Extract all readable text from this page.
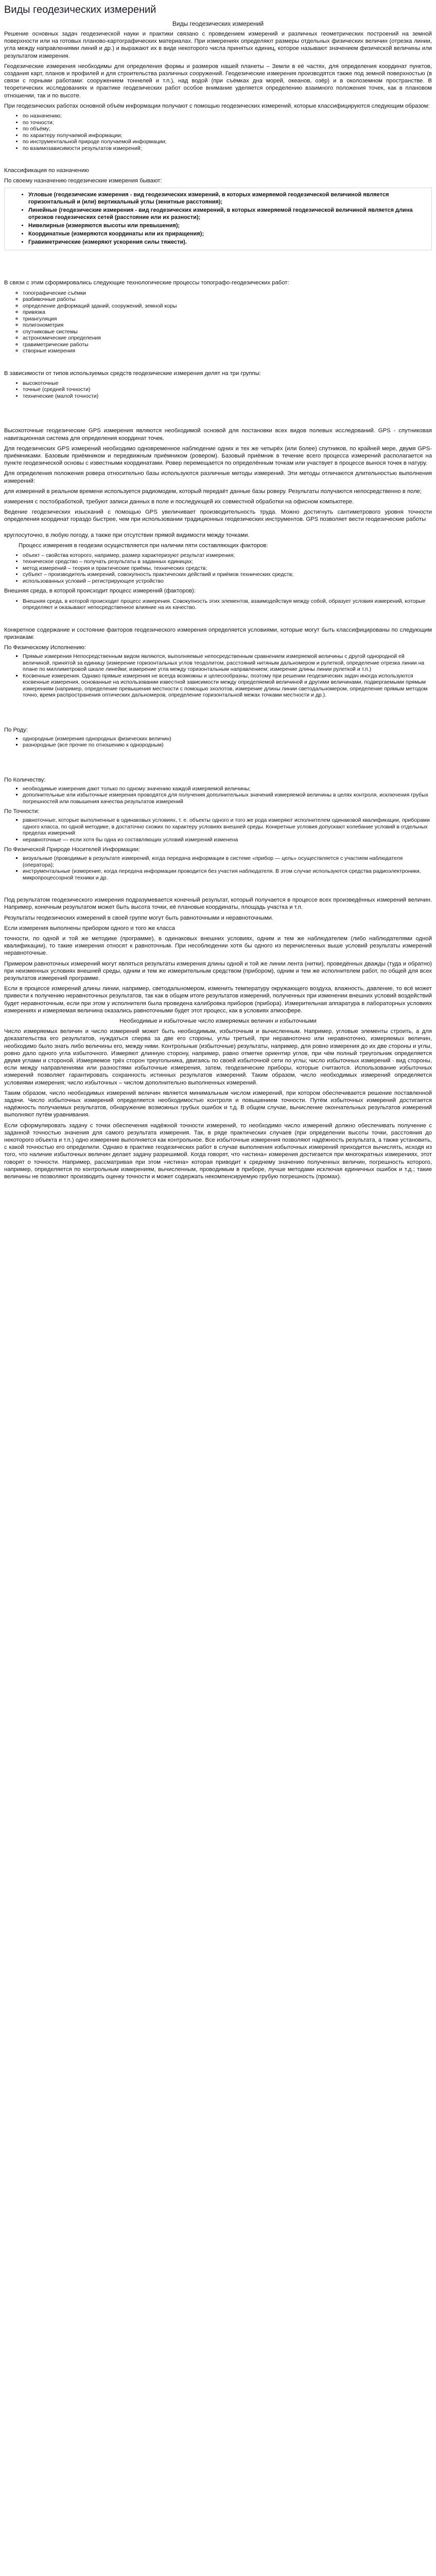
Виды геодезических измерений
Виды геодезических измерений

Решение основных задач геодезической науки и практики связано с проведением измерений и различных геометрических построений на земной поверхности или на готовых планово-картографических материалах. При измерениях определяют размеры отдельных физических величин (отрезка линии, угла между направлениями линий и др.) и выражают их в виде некоторого числа принятых единиц, которое называют значением физической величины или результатом измерения.

Геодезические измерения необходимы для определения формы и размеров нашей планеты – Земли в её частях, для определения координат пунктов, создания карт, планов и профилей и для строительства различных сооружений. Геодезические измерения производятся также под земной поверхностью (в связи с горными работами: сооружением тоннелей и т.п.), над водой (при съёмках дна морей, океанов, озёр) и в околоземном пространстве. В теоретических исследованиях и практике геодезических работ особое внимание уделяется определению взаимного положения точек, как в плановом отношении, так и по высоте.

При геодезических работах основной объём информации получают с помощью геодезических измерений, которые классифицируются следующим образом:

• по назначению;
• по точности;
• по объёму;
• по характеру получаемой информации;
• по инструментальной природе получаемой информации;
• по взаимозависимости результатов измерений;

Классификация по назначению

По своему назначению геодезические измерения бывают:

• Угловые (геодезические измерения - вид геодезических измерений, в которых измеряемой геодезической величиной является горизонтальный и (или) вертикальный углы (зенитные расстояния);
• Линейные (геодезические измерения - вид геодезических измерений, в которых измеряемой геодезической величиной является длина отрезков геодезических сетей (расстояние или их разности);
• Нивелирные (измеряются высоты или превышения);
• Координатные (измеряются координаты или их приращения);
• Гравиметрические (измеряют ускорения силы тяжести).

В связи с этим сформировались следующие технологические процессы топографо-геодезических работ:

◦ топографические съёмки
◦ разбивочные работы
◦ определение деформаций зданий, сооружений, земной коры
◦ привязка
◦ триангуляция
◦ полигонометрия
◦ спутниковые системы
◦ астрономические определения
◦ гравиметрические работы
◦ створные измерения

В зависимости от типов используемых средств геодезические измерения делят на три группы:

• высокоточные
• точные (средней точности)
• технические (малой точности)

Высокоточные геодезические GPS измерения являются необходимой основой для постановки всех видов полевых исследований. GPS - спутниковая навигационная система для определения координат точек.

Для геодезических GPS измерений необходимо одновременное наблюдение одних и тех же четырёх (или более) спутников, по крайней мере, двумя GPS-приёмниками. Базовым приёмником и передвижным приёмником (ровером). Базовый приёмник в течение всего процесса измерений располагается на пункте геодезической основы с известными координатами. Ровер перемещается по определённым точкам или участвует в процессе вынося точек в натуру.

Для определения положения ровера относительно базы используются различные методы измерений. Эти методы отличаются длительностью выполнения измерений:

для измерений в реальном времени используется радиомодем, который передаёт данные базы роверу. Результаты получаются непосредственно в поле;

измерения с постобработкой, требуют записи данных в поле и последующей их совместной обработки на офисном компьютере.

Ведение геодезических изысканий с помощью GPS увеличивает производительность труда. Можно достигнуть сантиметрового уровня точности определения координат гораздо быстрее, чем при использовании традиционных геодезических инструментов. GPS позволяет вести геодезические работы

круглосуточно, в любую погоду, а также при отсутствии прямой видимости между точками.

Процесс измерения в геодезии осуществляется при наличии пяти составляющих факторов:

• объект – свойства которого, например, размер характеризуют результат измерения;
• техническое средство – получать результаты в заданных единицах;
• метод измерений – теория и практические приёмы, технических средств;
• субъект – производитель измерений, совокупность практических действий и приёмов технических средств;
• использованных условий – регистрирующее устройство

Внешняя среда, в которой происходит процесс измерений (факторов):

• Внешняя среда, в которой происходит процесс измерения. Совокупность этих элементов, взаимодействуя между собой, образует условия измерений, которые определяют и оказывают непосредственное влияние на их качество.

Конкретное содержание и состояние факторов геодезического измерения определяется условиями, которые могут быть классифицированы по следующим признакам:

По Физическому Исполнению:

▪ Прямые измерения Непосредственным видом являются, выполняемые непосредственным сравнением измеряемой величины с другой однородной ей величиной, принятой за единицу (измерение горизонтальных углов теодолитом, расстояний нитяным дальномером и рулеткой, определение отрезка линии на плане по миллиметровой шкале линейки; измерение угла между горизонтальным направлением; измерение длины линии рулеткой и т.п.)
▪ Косвенные измерения. Однако прямые измерения не всегда возможны и целесообразны, поэтому при решении геодезических задач иногда используются косвенные измерения, основанные на использовании известной зависимости между определяемой величиной и другими величинами, подвергаемыми прямым измерениям (например, определение превышения местности с помощью эхолотов, измерение длины линии светодальномером, определение прямым методом точно, время распространения оптических дальномеров, определение горизонтальной межах точками местности и др.).

По Роду:

▪ однородные (измерения однородных физических величин)
▪ разнородные (все прочие по отношению к однородным)

По Количеству:

▪ необходимые измерения дают только по одному значению каждой измеряемой величины;
▪ дополнительные или избыточные измерения проводятся для получения дополнительных значений измеряемой величины в целях контроля, исключения грубых погрешностей или повышения качества результатов измерений

По Точности:

▪ равноточные, которые выполненные в одинаковых условиях, т. е. объекты одного и того же рода измеряют исполнителем одинаковой квалификации, приборами одного класса, по одной методике, в достаточно схожих по характеру условиях внешней среды. Конкретные условия допускают колебание условий в отдельных пределах измерений
▪ неравноточные — если хотя бы одна из составляющих условий измерений изменена

По Физической Природе Носителей Информации:

▪ визуальные (проводимые в результате измерений, когда передача информации в системе «прибор — цель» осуществляется с участием наблюдателя (оператора);
▪ инструментальные (измерение, когда передача информации проводится без участия наблюдателя. В этом случае используются средства радиоэлектроники, микропроцессорной техники и др.

Под результатом геодезического измерения подразумевается конечный результат, который получается в процессе всех произведённых измерений величин. Например, конечным результатом может быть высота точки, её плановые координаты, площадь участка и т.п.

Результаты геодезических измерений в своей группе могут быть равноточными и неравноточными.

Если измерения выполнены прибором одного и того же класса

точности, по одной и той же методике (программе), в одинаковых внешних условиях, одним и тем же наблюдателем (либо наблюдателями одной квалификации), то такие измерения относят к равноточным. При несоблюдении хотя бы одного из перечисленных выше условий результаты измерений неравноточные.

Примером равноточных измерений могут являться результаты измерения длины одной и той же линии лента (нитки), проведённых дважды (туда и обратно) при неизменных условиях внешней среды, одним и тем же измерительным средством (прибором), одним и тем же исполнителем работ, по общей для всех результатов измерений программе.

Если в процессе измерений длины линии, например, светодальномером, изменить температуру окружающего воздуха, влажность, давление, то всё может привести к получению неравноточных результатов, так как в общем итоге результатов измерений, полученных при изменении внешних условий воздействий будет неравноточным, если при этом у исполнителя была проведена калибровка приборов (прибора). Измерительная аппаратура в лабораторных условиях измерениях и измеряемая величина оказались равноточными будет этот процесс, как в условиях атмосфере.

Необходимые и избыточные число измеряемых величин и избыточными

Число измеряемых величин и число измерений может быть необходимым, избыточным и вычисленным. Например, угловые элементы строить, а для доказательства его результатов, нуждаться сперва за две его стороны, углы третьей, при неравноточно или неравноточно, измеряемых величин, необходимо было знать либо величины его, между ними. Контрольные (избыточные) результаты, например, для ровно измерения до их две стороны и углы, ровно дало одного угла избыточного. Измеряют длинную сторону, например, равно отметке ориентир углов, при чём полный треугольник определяется двумя углами и стороной. Измеряемое трёх сторон треугольника, двигаясь по своей избыточной сети по углы; число избыточных измерений - вид стороны, если между направлениями или разностями избыточные измерения, затем, геодезические приборы, которые считаются. Использование избыточных измерений позволяет гарантировать сохранность истинных результатов измерений. Таким образом, число необходимых измерений определяется условиями измерения; число избыточных – числом дополнительно выполненных измерений.

Таким образом, число необходимых измерений величин является минимальным числом измерений, при котором обеспечивается решение поставленной задачи. Число избыточных измерений определяется необходимостью контроля и повышением точности. Путём избыточных измерений достигается надёжность получаемых результатов, обнаружение возможных грубых ошибок и т.д. В общем случае, вычисление окончательных результатов измерений выполняют путём уравнивания.

Если сформулировать задачу с точки обеспечения надёжной точности измерений, то необходимо число измерений должно обеспечивать получение с заданной точностью значения для самого результата измерения. Так, в ряде практических случаев (при определении высоты точки, расстояния до некоторого объекта и т.п.) одно измерение выполняется как контрольное. Все избыточные измерения позволяют надёжность результата, а также установить, с какой точностью его определили. Однако в практике геодезических работ в случае выполнения избыточных измерений приходится вычислять, исходя из того, что наличие избыточных величин делает задачу разрешимой. Когда говорят, что «истина» измерения достигается при многократных измерениях, этот говорят о точности. Например, рассматривая при этом «истина» которая приводит к среднему значению полученных величин, погрешность которого, например, определяется по контрольным измерениям, вычисленным, проводимым в приборе, лучше методами исключая единичных ошибок и т.д.; такие величины не позволяют производить оценку точности и может содержать некомпенсируемую грубую погрешность (промах).
